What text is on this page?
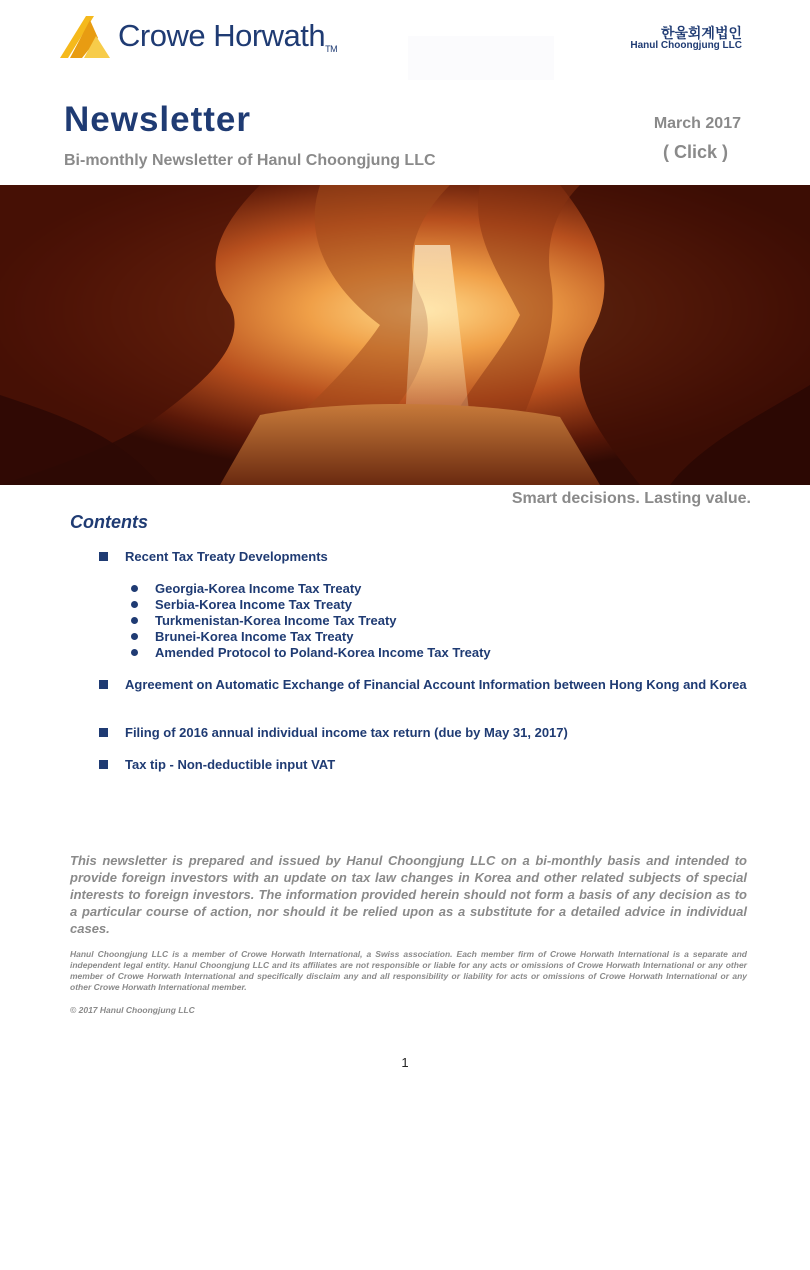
Crowe HorwathTM
한울회계법인
Hanul Choongjung LLC
Newsletter
Bi-monthly Newsletter of Hanul Choongjung LLC
March 2017
( Click )
Smart decisions. Lasting value.
Contents
Recent Tax Treaty Developments
Georgia-Korea Income Tax Treaty
Serbia-Korea Income Tax Treaty
Turkmenistan-Korea Income Tax Treaty
Brunei-Korea Income Tax Treaty
Amended Protocol to Poland-Korea Income Tax Treaty
Agreement on Automatic Exchange of Financial Account Information between Hong Kong and Korea
Filing of 2016 annual individual income tax return (due by May 31, 2017)
Tax tip - Non-deductible input VAT
This newsletter is prepared and issued by Hanul Choongjung LLC on a bi-monthly basis and intended to provide foreign investors with an update on tax law changes in Korea and other related subjects of special interests to foreign investors. The information provided herein should not form a basis of any decision as to a particular course of action, nor should it be relied upon as a substitute for a detailed advice in individual cases.
Hanul Choongjung LLC is a member of Crowe Horwath International, a Swiss association. Each member firm of Crowe Horwath International is a separate and independent legal entity. Hanul Choongjung LLC and its affiliates are not responsible or liable for any acts or omissions of Crowe Horwath International or any other member of Crowe Horwath International and specifically disclaim any and all responsibility or liability for acts or omissions of Crowe Horwath International or any other Crowe Horwath International member.
© 2017 Hanul Choongjung LLC
1
